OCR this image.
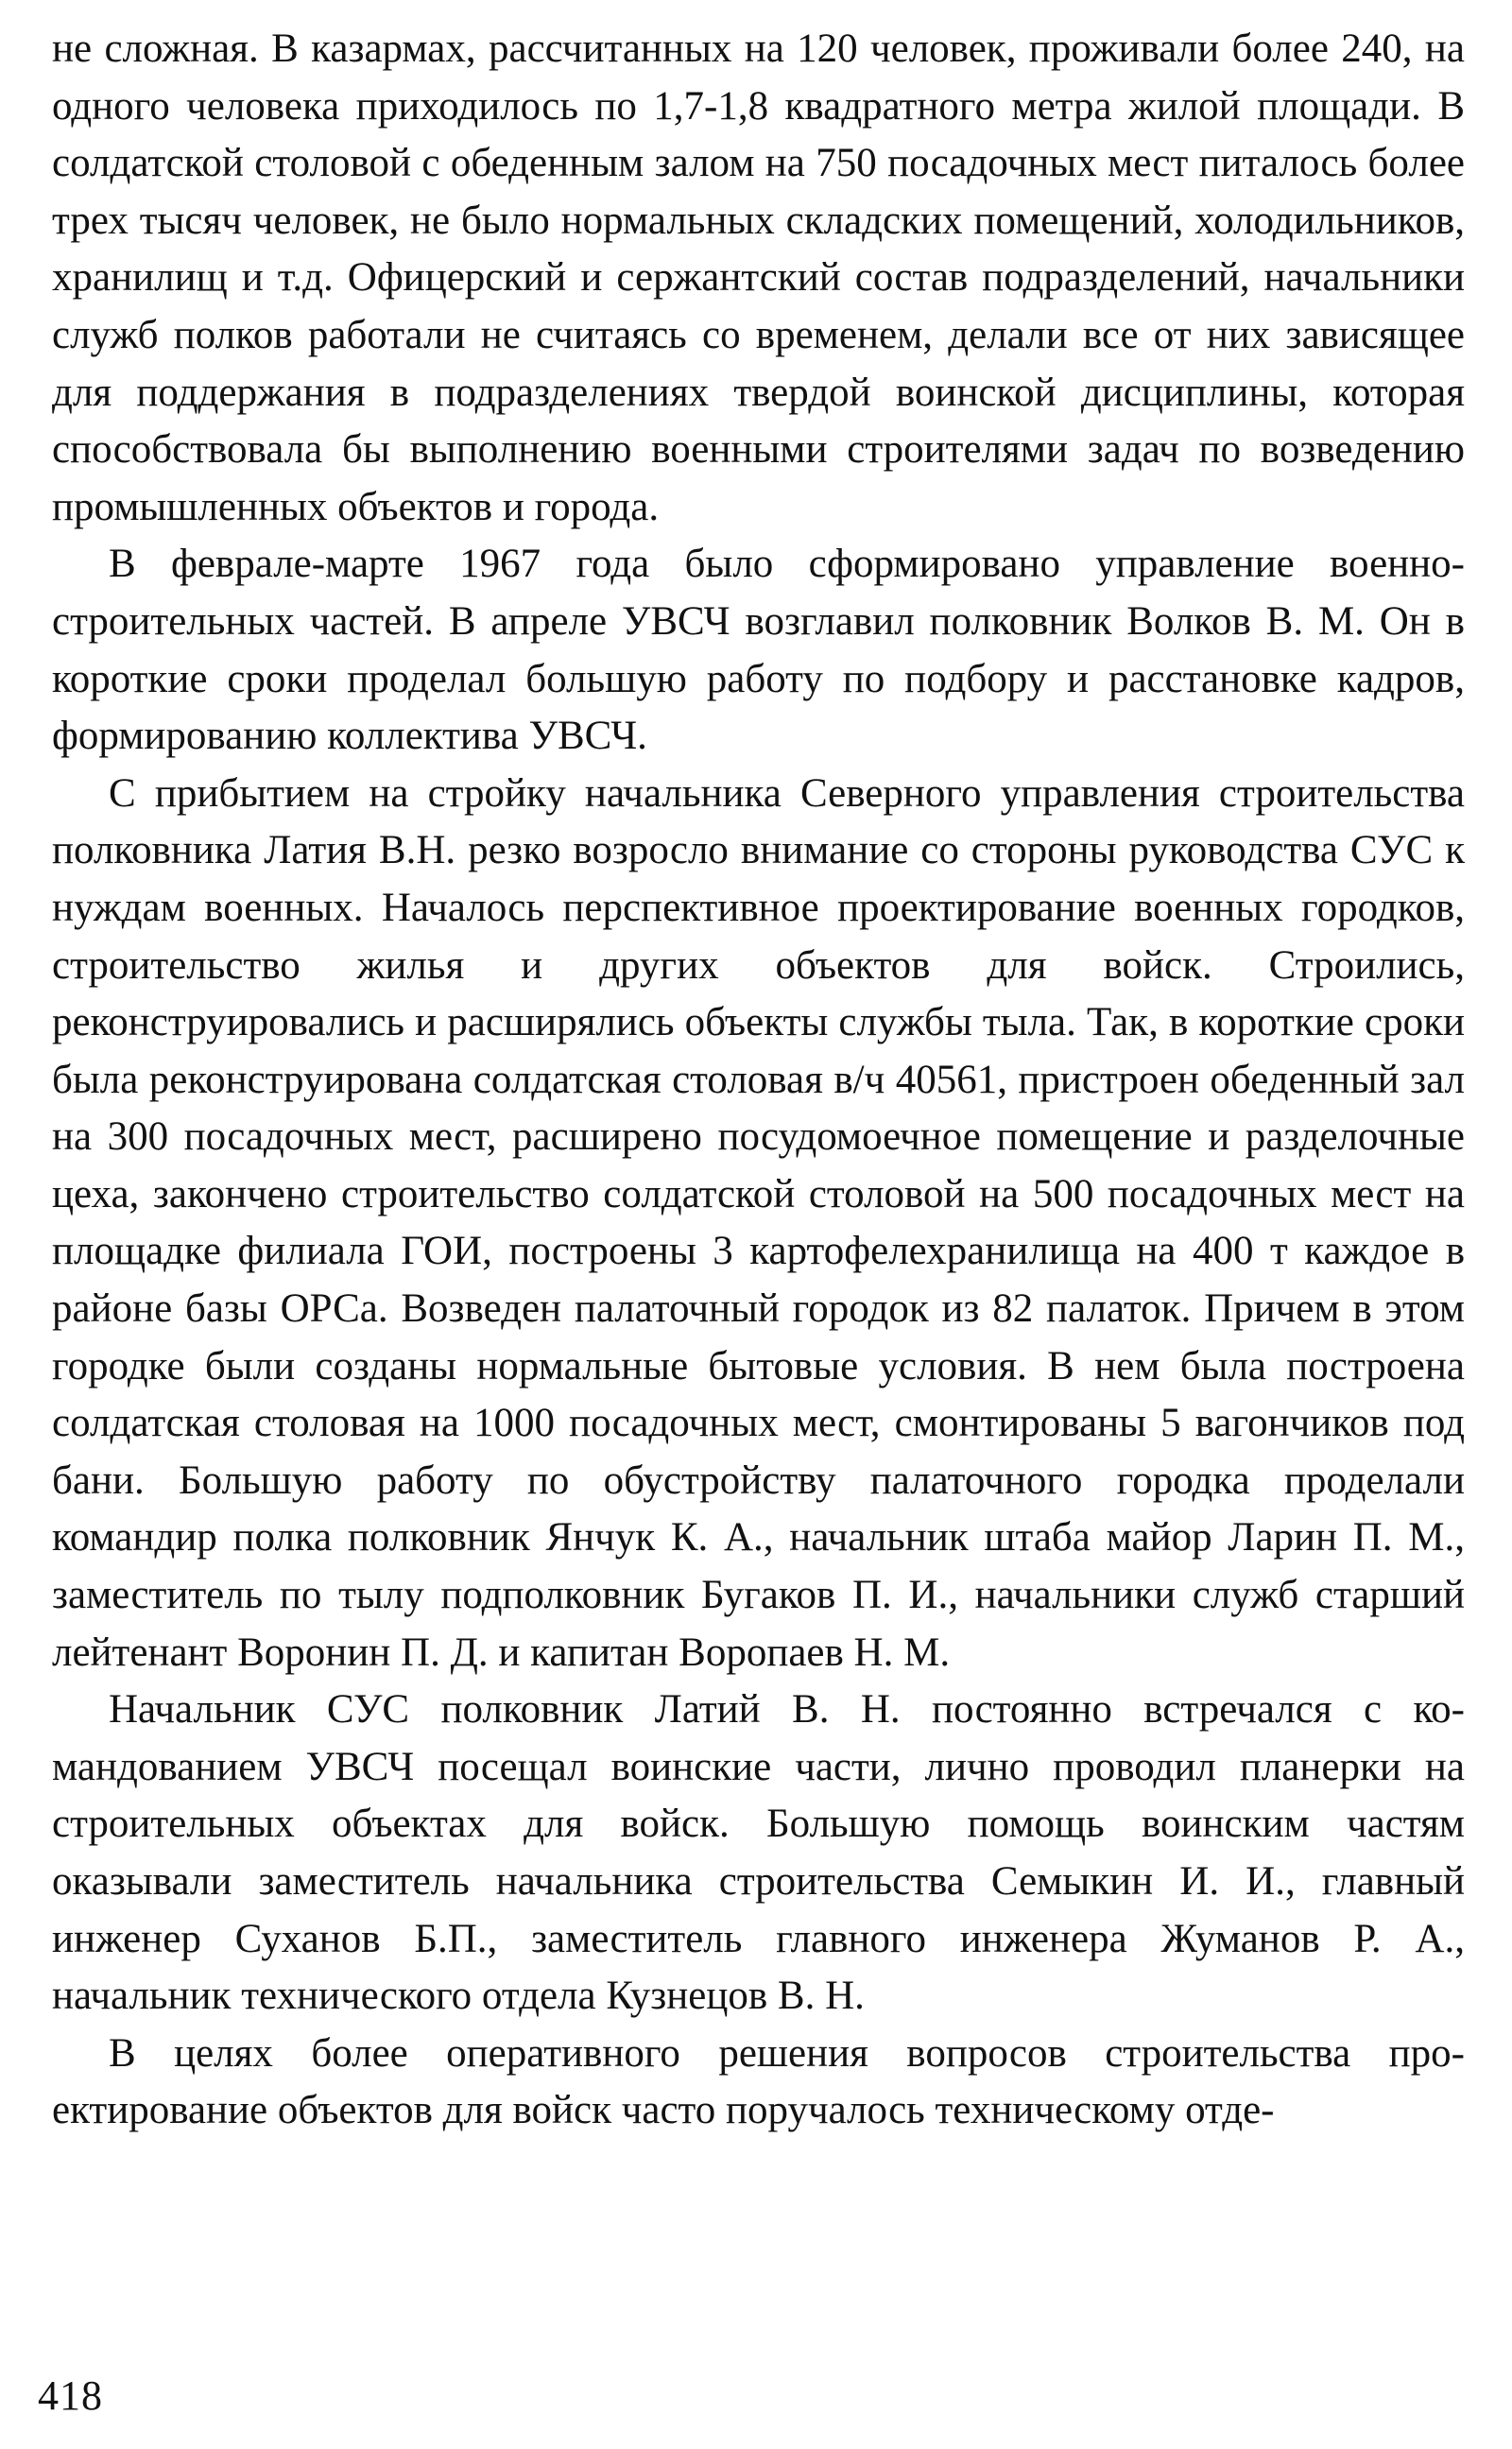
не сложная. В казармах, рассчитанных на 120 человек, проживали более 240, на одного человека приходилось по 1,7-1,8 квадратного метра жилой площади. В солдатской столовой с обеденным залом на 750 посадочных мест питалось более трех тысяч человек, не было нормальных складских помещений, холодильников, хранилищ и т.д. Офицерский и сержантский состав подразделений, начальники служб полков работали не считаясь со временем, делали все от них зависящее для поддержания в подразделениях твердой воинской дисциплины, которая способствовала бы выполнению военными строителями задач по возведению промышленных объектов и города.

В феврале-марте 1967 года было сформировано управление военно-строительных частей. В апреле УВСЧ возглавил полковник Волков В. М. Он в короткие сроки проделал большую работу по подбору и расстановке кадров, формированию коллектива УВСЧ.

С прибытием на стройку начальника Северного управления строительства полковника Латия В.Н. резко возросло внимание со стороны руководства СУС к нуждам военных. Началось перспективное проектирование военных городков, строительство жилья и других объектов для войск. Строились, реконструировались и расширялись объекты службы тыла. Так, в короткие сроки была реконструирована солдатская столовая в/ч 40561, пристроен обеденный зал на 300 посадочных мест, расширено посудомоечное помещение и разделочные цеха, закончено строительство солдатской столовой на 500 посадочных мест на площадке филиала ГОИ, построены 3 картофелехранилища на 400 т каждое в районе базы ОРСа. Возведен палаточный городок из 82 палаток. Причем в этом городке были созданы нормальные бытовые условия. В нем была построена солдатская столовая на 1000 посадочных мест, смонтированы 5 вагончиков под бани. Большую работу по обустройству палаточного городка проделали командир полка полковник Янчук К. А., начальник штаба майор Ларин П. М., заместитель по тылу подполковник Бугаков П. И., начальники служб старший лейтенант Воронин П. Д. и капитан Воропаев Н. М.

Начальник СУС полковник Латий В. Н. постоянно встречался с командованием УВСЧ посещал воинские части, лично проводил планерки на строительных объектах для войск. Большую помощь воинским частям оказывали заместитель начальника строительства Семыкин И. И., главный инженер Суханов Б.П., заместитель главного инженера Жуманов Р. А., начальник технического отдела Кузнецов В. Н.

В целях более оперативного решения вопросов строительства проектирование объектов для войск часто поручалось техническому отде-

418
